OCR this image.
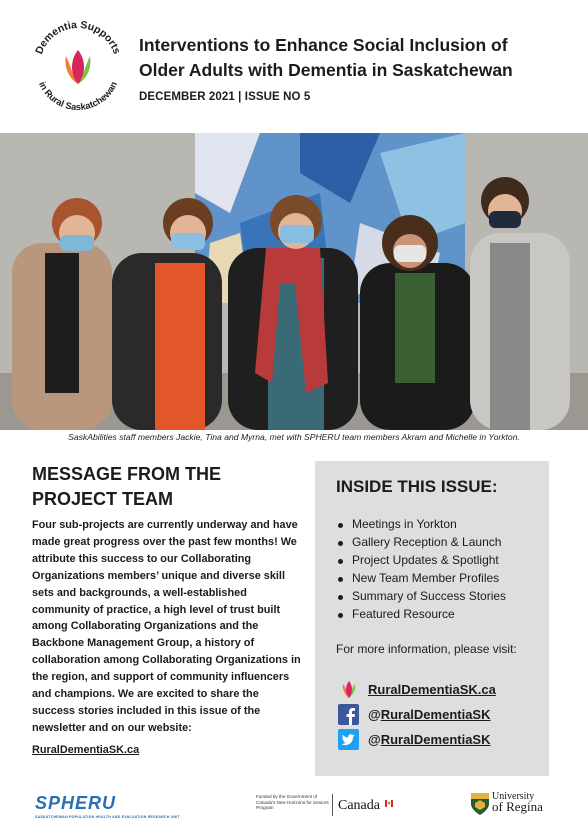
Dementia Supports
in Rural Saskatchewan
Interventions to Enhance Social Inclusion of
Older Adults with Dementia in Saskatchewan
DECEMBER 2021 | ISSUE NO 5
SaskAbilities staff members Jackie, Tina and Myrna, met with SPHERU team members Akram and Michelle in Yorkton.
MESSAGE FROM THE
PROJECT TEAM
Four sub-projects are currently underway and have made great progress over the past few months! We attribute this success to our Collaborating Organizations members’ unique and diverse skill sets and backgrounds, a well-established community of practice, a high level of trust built among Collaborating Organizations and the Backbone Management Group, a history of collaboration among Collaborating Organizations in the region, and support of community influencers and champions. We are excited to share the success stories included in this issue of the newsletter and on our website:
RuralDementiaSK.ca
INSIDE THIS ISSUE:
Meetings in Yorkton
Gallery Reception & Launch
Project Updates & Spotlight
New Team Member Profiles
Summary of Success Stories
Featured Resource
For more information, please visit:
RuralDementiaSK.ca
@RuralDementiaSK
@RuralDementiaSK
SPHERU
SASKATCHEWAN POPULATION HEALTH AND EVALUATION RESEARCH UNIT
Funded by the Government of Canada's New Horizons for Seniors Program	Canada
University
of Regina
